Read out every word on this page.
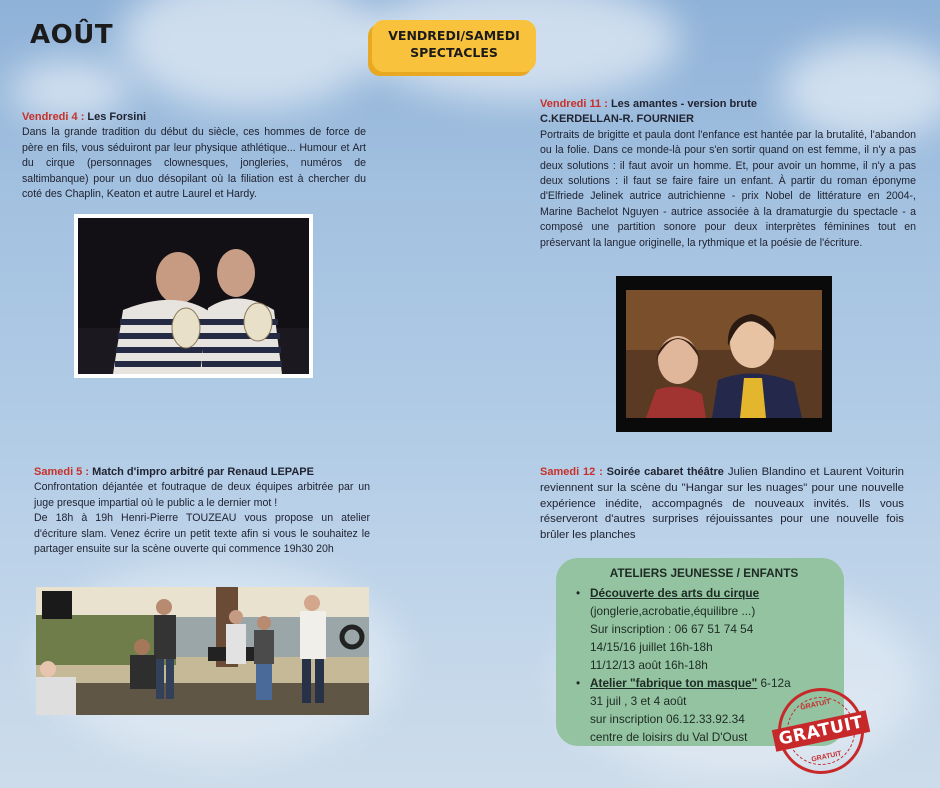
AOÛT	VENDREDI/SAMEDI
SPECTACLES
Vendredi 4 : Les Forsini

Dans la grande tradition du début du siècle, ces hommes de force de père en fils, vous séduiront par leur physique athlétique... Humour et Art du cirque (personnages clownesques, jongleries, numéros de saltimbanque) pour un duo désopilant où la filiation est à chercher du coté des Chaplin, Keaton et autre Laurel et Hardy.

Vendredi 11 : Les amantes - version brute
C.KERDELLAN-R. FOURNIER

Portraits de brigitte et paula dont l'enfance est hantée par la brutalité, l'abandon ou la folie. Dans ce monde-là pour s'en sortir quand on est femme, il n'y a pas deux solutions : il faut avoir un homme. Et, pour avoir un homme, il n'y a pas deux solutions : il faut se faire faire un enfant. À partir du roman éponyme d'Elfriede Jelinek autrice autrichienne - prix Nobel de littérature en 2004-, Marine Bachelot Nguyen - autrice associée à la dramaturgie du spectacle - a composé une partition sonore pour deux interprètes féminines tout en préservant la langue originelle, la rythmique et la poésie de l'écriture.

Samedi 5 : Match d'impro arbitré par Renaud LEPAPE

Confrontation déjantée et foutraque de deux équipes arbitrée par un juge presque impartial où le public a le dernier mot !

De 18h à 19h Henri-Pierre TOUZEAU vous propose un atelier d'écriture slam. Venez écrire un petit texte afin si vous le souhaitez le partager ensuite sur la scène ouverte qui commence 19h30 20h

Samedi 12 : Soirée cabaret théâtre Julien Blandino et Laurent Voiturin reviennent sur la scène du "Hangar sur les nuages" pour une nouvelle expérience inédite, accompagnés de nouveaux invités. Ils vous réserveront d'autres surprises réjouissantes pour une nouvelle fois brûler les planches

ATELIERS JEUNESSE / ENFANTS
• Découverte des arts du cirque
(jonglerie,acrobatie,équilibre ...)
Sur inscription : 06 67 51 74 54
14/15/16 juillet 16h-18h
11/12/13 août 16h-18h
• Atelier "fabrique ton masque" 6-12a
31 juil , 3 et 4 août
sur inscription 06.12.33.92.34
centre de loisirs du Val D'Oust
GRATUIT
GRATUIT
GRATUIT
